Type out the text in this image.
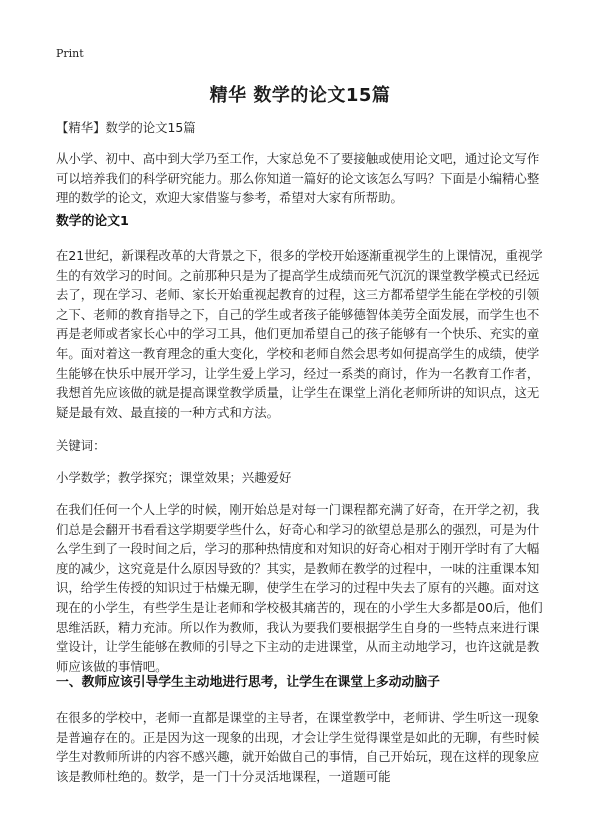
Print
精华 数学的论文15篇

【精华】数学的论文15篇

从小学、初中、高中到大学乃至工作，大家总免不了要接触或使用论文吧，通过论文写作可以培养我们的科学研究能力。那么你知道一篇好的论文该怎么写吗？下面是小编精心整理的数学的论文，欢迎大家借鉴与参考，希望对大家有所帮助。

数学的论文1

在21世纪，新课程改革的大背景之下，很多的学校开始逐渐重视学生的上课情况，重视学生的有效学习的时间。之前那种只是为了提高学生成绩而死气沉沉的课堂教学模式已经远去了，现在学习、老师、家长开始重视起教育的过程，这三方都希望学生能在学校的引领之下、老师的教育指导之下，自己的学生或者孩子能够德智体美劳全面发展，而学生也不再是老师或者家长心中的学习工具，他们更加希望自己的孩子能够有一个快乐、充实的童年。面对着这一教育理念的重大变化，学校和老师自然会思考如何提高学生的成绩，使学生能够在快乐中展开学习，让学生爱上学习，经过一系类的商讨，作为一名教育工作者，我想首先应该做的就是提高课堂教学质量，让学生在课堂上消化老师所讲的知识点，这无疑是最有效、最直接的一种方式和方法。

关键词：

小学数学；教学探究；课堂效果；兴趣爱好

在我们任何一个人上学的时候，刚开始总是对每一门课程都充满了好奇，在开学之初，我们总是会翻开书看看这学期要学些什么，好奇心和学习的欲望总是那么的强烈，可是为什么学生到了一段时间之后，学习的那种热情度和对知识的好奇心相对于刚开学时有了大幅度的减少，这究竟是什么原因导致的？其实，是教师在教学的过程中，一味的注重课本知识，给学生传授的知识过于枯燥无聊，使学生在学习的过程中失去了原有的兴趣。面对这现在的小学生，有些学生是让老师和学校极其痛苦的，现在的小学生大多都是00后，他们思维活跃，精力充沛。所以作为教师，我认为要我们要根据学生自身的一些特点来进行课堂设计，让学生能够在教师的引导之下主动的走进课堂，从而主动地学习，也许这就是教师应该做的事情吧。

一、教师应该引导学生主动地进行思考，让学生在课堂上多动动脑子

在很多的学校中，老师一直都是课堂的主导者，在课堂教学中，老师讲、学生听这一现象是普遍存在的。正是因为这一现象的出现，才会让学生觉得课堂是如此的无聊，有些时候学生对教师所讲的内容不感兴趣，就开始做自己的事情，自己开始玩，现在这样的现象应该是教师杜绝的。数学，是一门十分灵活地课程，一道题可能
